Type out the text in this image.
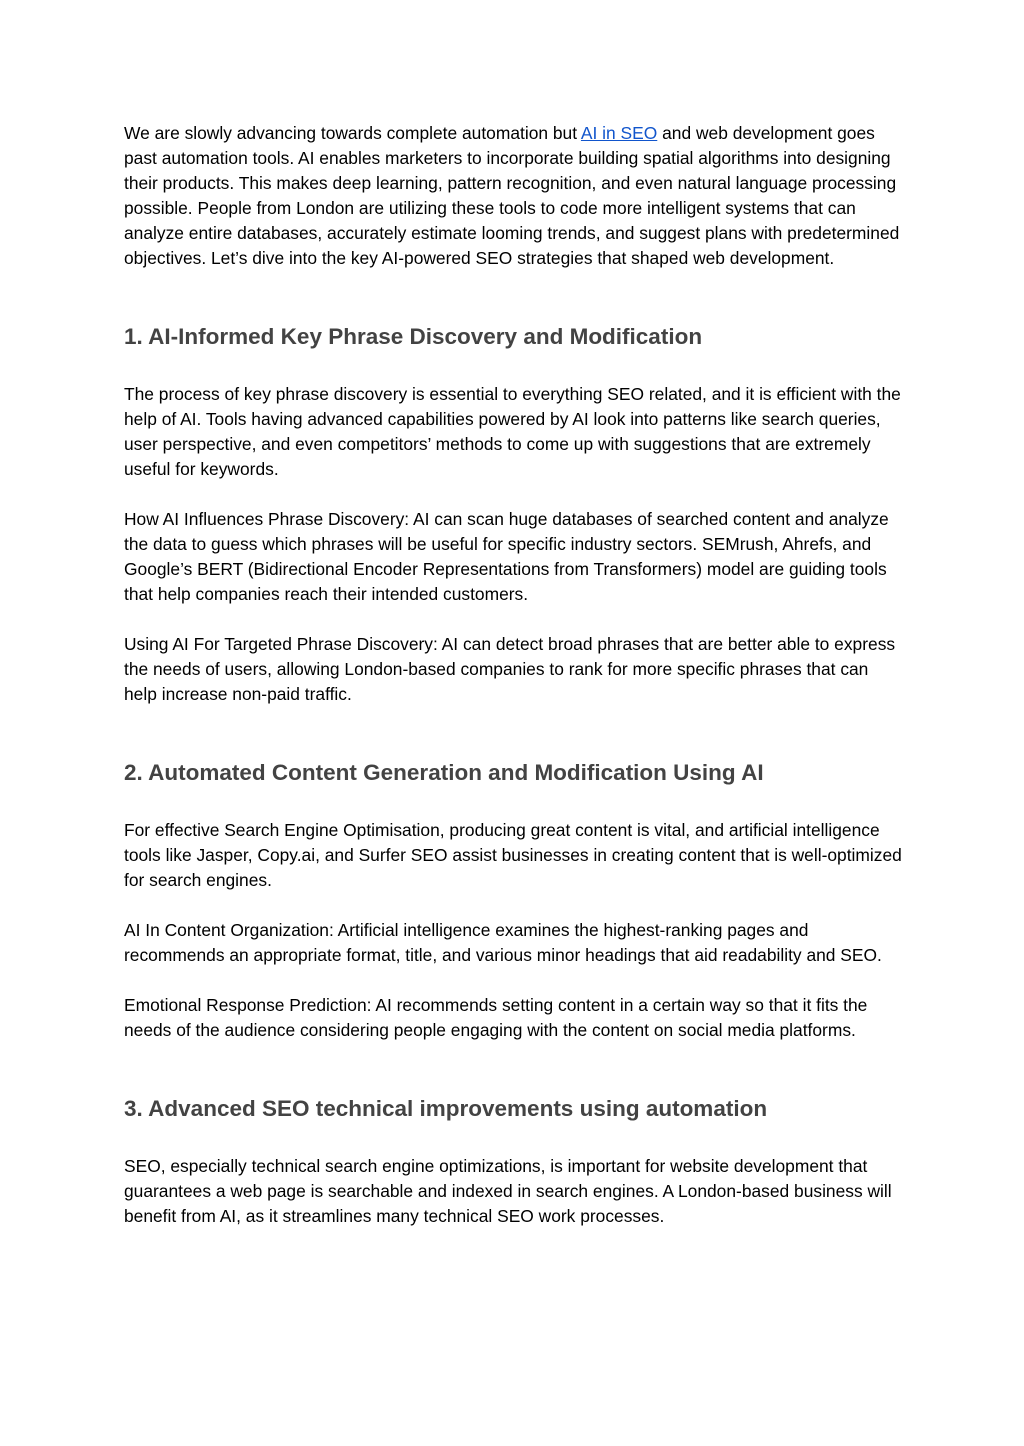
We are slowly advancing towards complete automation but AI in SEO and web development goes past automation tools. AI enables marketers to incorporate building spatial algorithms into designing their products. This makes deep learning, pattern recognition, and even natural language processing possible. People from London are utilizing these tools to code more intelligent systems that can analyze entire databases, accurately estimate looming trends, and suggest plans with predetermined objectives. Let’s dive into the key AI-powered SEO strategies that shaped web development.

1. AI-Informed Key Phrase Discovery and Modification

The process of key phrase discovery is essential to everything SEO related, and it is efficient with the help of AI. Tools having advanced capabilities powered by AI look into patterns like search queries, user perspective, and even competitors’ methods to come up with suggestions that are extremely useful for keywords.

How AI Influences Phrase Discovery: AI can scan huge databases of searched content and analyze the data to guess which phrases will be useful for specific industry sectors. SEMrush, Ahrefs, and Google’s BERT (Bidirectional Encoder Representations from Transformers) model are guiding tools that help companies reach their intended customers.

Using AI For Targeted Phrase Discovery: AI can detect broad phrases that are better able to express the needs of users, allowing London-based companies to rank for more specific phrases that can help increase non-paid traffic.

2. Automated Content Generation and Modification Using AI

For effective Search Engine Optimisation, producing great content is vital, and artificial intelligence tools like Jasper, Copy.ai, and Surfer SEO assist businesses in creating content that is well-optimized for search engines.

AI In Content Organization: Artificial intelligence examines the highest-ranking pages and recommends an appropriate format, title, and various minor headings that aid readability and SEO.

Emotional Response Prediction: AI recommends setting content in a certain way so that it fits the needs of the audience considering people engaging with the content on social media platforms.

3. Advanced SEO technical improvements using automation

SEO, especially technical search engine optimizations, is important for website development that guarantees a web page is searchable and indexed in search engines. A London-based business will benefit from AI, as it streamlines many technical SEO work processes.
